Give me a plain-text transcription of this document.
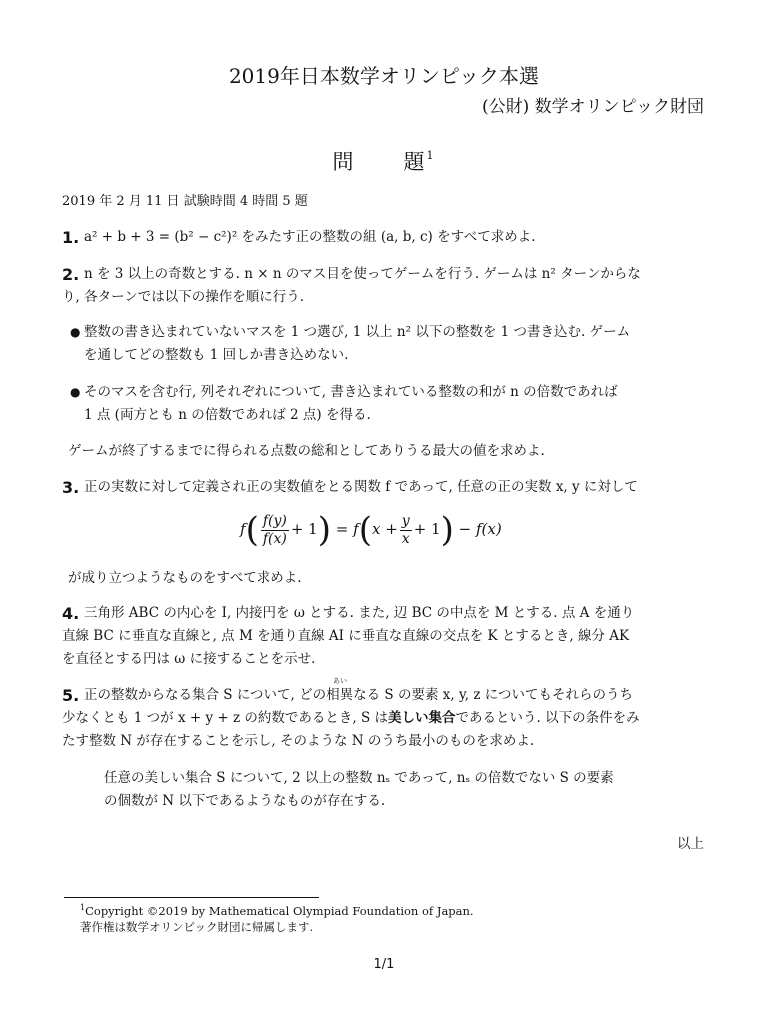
2019年日本数学オリンピック本選
(公財) 数学オリンピック財団
問 題$^1$
2019 年 2 月 11 日 試験時間 4 時間 5 題
1. a² + b + 3 = (b² − c²)² をみたす正の整数の組 (a, b, c) をすべて求めよ.
2. n を 3 以上の奇数とする. n × n のマス目を使ってゲームを行う. ゲームは n² ターンからな
り, 各ターンでは以下の操作を順に行う.
● 整数の書き込まれていないマスを 1 つ選び, 1 以上 n² 以下の整数を 1 つ書き込む. ゲーム
を通してどの整数も 1 回しか書き込めない.
● そのマスを含む行, 列それぞれについて, 書き込まれている整数の和が n の倍数であれば
1 点 (両方とも n の倍数であれば 2 点) を得る.
ゲームが終了するまでに得られる点数の総和としてありうる最大の値を求めよ.
3. 正の実数に対して定義され正の実数値をとる関数 f であって, 任意の正の実数 x, y に対して
$f( \frac{f(y)}{f(x)} + 1) = f(x + \frac{y}{x} + 1) - f(x)$
が成り立つようなものをすべて求めよ.
4. 三角形 ABC の内心を I, 内接円を ω とする. また, 辺 BC の中点を M とする. 点 A を通り
直線 BC に垂直な直線と, 点 M を通り直線 AI に垂直な直線の交点を K とするとき, 線分 AK
を直径とする円は ω に接することを示せ.
5. 正の整数からなる集合 S について, どの相異なる S の要素 x, y, z についてもそれらのうち
少なくとも 1 つが x + y + z の約数であるとき, S は美しい集合であるという. 以下の条件をみ
たす整数 N が存在することを示し, そのような N のうち最小のものを求めよ.
あい
任意の美しい集合 S について, 2 以上の整数 nₛ であって, nₛ の倍数でない S の要素
の個数が N 以下であるようなものが存在する.
以上
$^1$Copyright ©2019 by Mathematical Olympiad Foundation of Japan.
著作権は数学オリンピック財団に帰属します.
1/1
